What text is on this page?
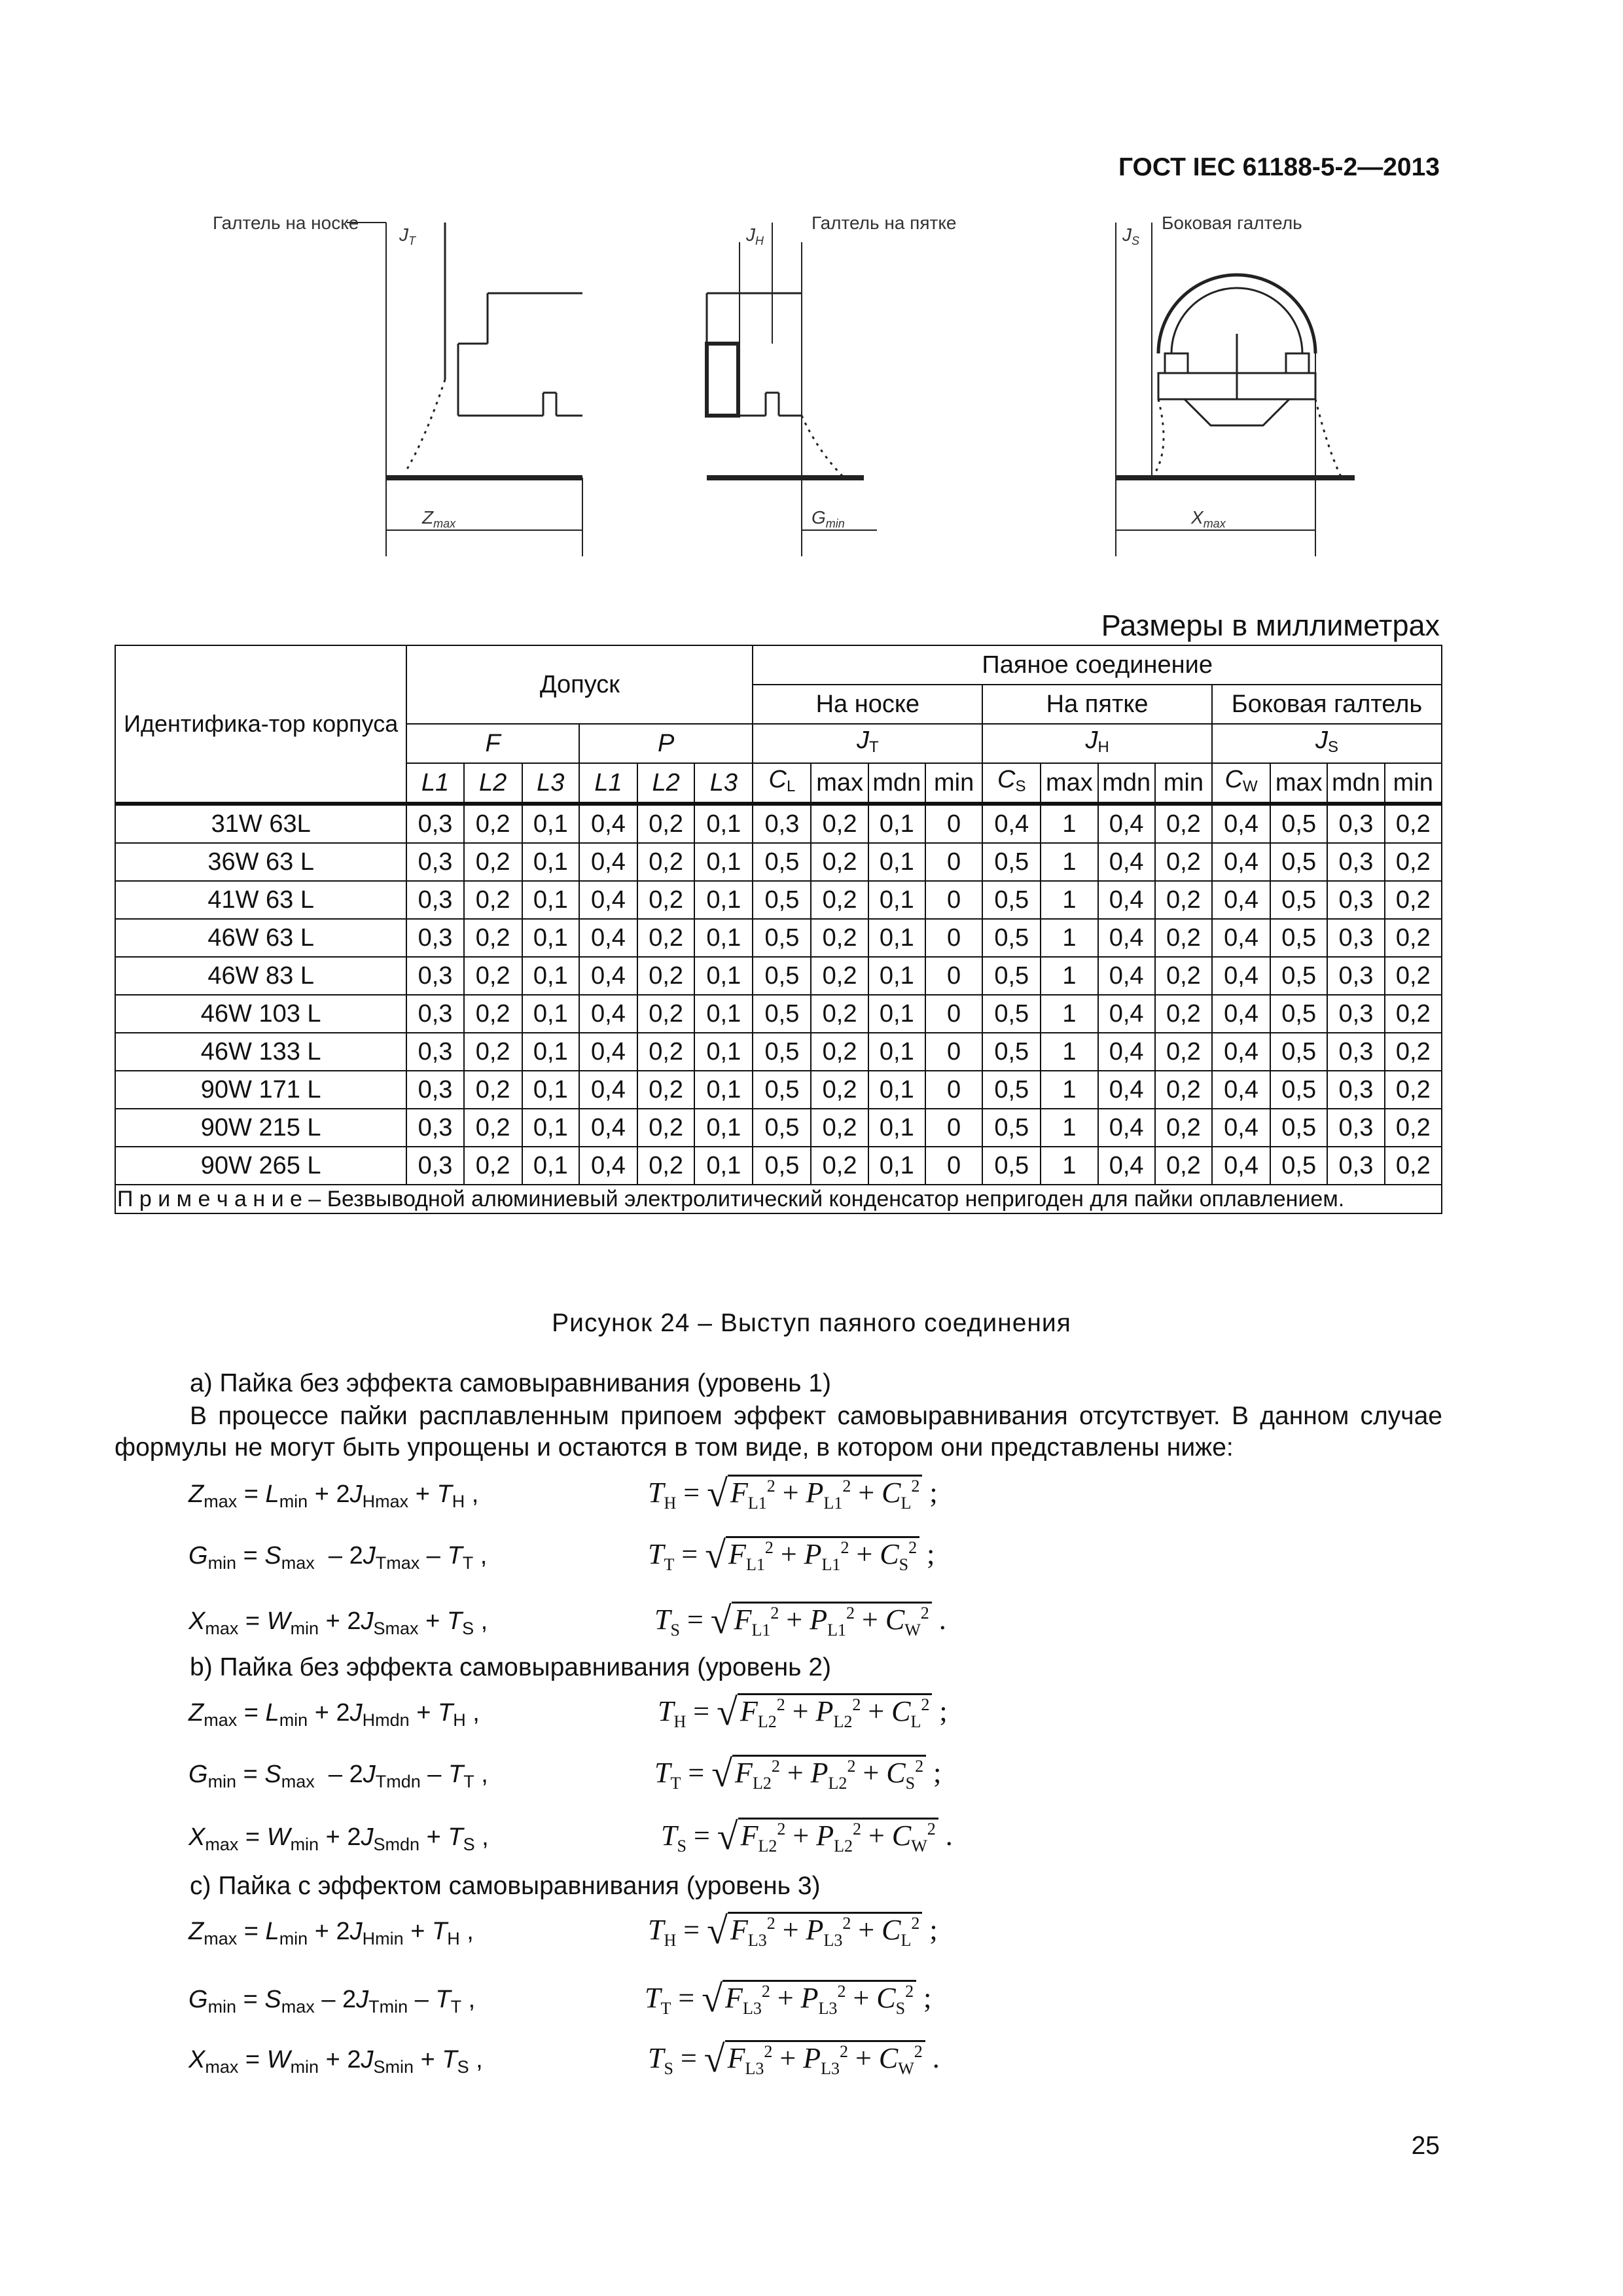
ГОСТ IEC 61188-5-2—2013
Галтель на носке
$J_T$
Галтель на пятке
$J_H$
Боковая галтель
$J_S$
$Z_{max}$	$G_{min}$	$X_{max}$
Размеры в миллиметрах
Идентифика-тор корпуса	Допуск						Паяное соединение											
							На носке				На пятке				Боковая галтель			
	F			P			$J_T$				$J_H$				$J_S$
	L1	L2	L3	L1	L2	L3	$C_L$	max	mdn	min	$C_S$	max	mdn	min	$C_W$	max	mdn	min
31W 63L	0,3	0,2	0,1	0,4	0,2	0,1	0,3	0,2	0,1	0	0,4	1	0,4	0,2	0,4	0,5	0,3	0,2
36W 63 L	0,3	0,2	0,1	0,4	0,2	0,1	0,5	0,2	0,1	0	0,5	1	0,4	0,2	0,4	0,5	0,3	0,2
41W 63 L	0,3	0,2	0,1	0,4	0,2	0,1	0,5	0,2	0,1	0	0,5	1	0,4	0,2	0,4	0,5	0,3	0,2
46W 63 L	0,3	0,2	0,1	0,4	0,2	0,1	0,5	0,2	0,1	0	0,5	1	0,4	0,2	0,4	0,5	0,3	0,2
46W 83 L	0,3	0,2	0,1	0,4	0,2	0,1	0,5	0,2	0,1	0	0,5	1	0,4	0,2	0,4	0,5	0,3	0,2
46W 103 L	0,3	0,2	0,1	0,4	0,2	0,1	0,5	0,2	0,1	0	0,5	1	0,4	0,2	0,4	0,5	0,3	0,2
46W 133 L	0,3	0,2	0,1	0,4	0,2	0,1	0,5	0,2	0,1	0	0,5	1	0,4	0,2	0,4	0,5	0,3	0,2
90W 171 L	0,3	0,2	0,1	0,4	0,2	0,1	0,5	0,2	0,1	0	0,5	1	0,4	0,2	0,4	0,5	0,3	0,2
90W 215 L	0,3	0,2	0,1	0,4	0,2	0,1	0,5	0,2	0,1	0	0,5	1	0,4	0,2	0,4	0,5	0,3	0,2
90W 265 L	0,3	0,2	0,1	0,4	0,2	0,1	0,5	0,2	0,1	0	0,5	1	0,4	0,2	0,4	0,5	0,3	0,2
П р и м е ч а н и е – Безвыводной алюминиевый электролитический конденсатор непригоден для пайки оплавлением.																		
Рисунок 24 – Выступ паяного соединения
a) Пайка без эффекта самовыравнивания (уровень 1)
В процессе пайки расплавленным припоем эффект самовыравнивания отсутствует. В данном случае формулы не могут быть упрощены и остаются в том виде, в котором они представлены ниже:
$Z_{max} = L_{min} + 2J_{Hmax} + T_H$ ,	$T_H = √F_{L1}^2 + P_{L1}^2 + C_L^2$ ;
$G_{min} = S_{max} - 2J_{Tmax} - T_T$ ,	$T_T = √F_{L1}^2 + P_{L1}^2 + C_S^2$ ;
$X_{max} = W_{min} + 2J_{Smax} + T_S$ ,	$T_S = √F_{L1}^2 + P_{L1}^2 + C_W^2$ .
b) Пайка без эффекта самовыравнивания (уровень 2)
$Z_{max} = L_{min} + 2J_{Hmdn} + T_H$ ,	$T_H = √F_{L2}^2 + P_{L2}^2 + C_L^2$ ;
$G_{min} = S_{max} - 2J_{Tmdn} - T_T$ ,	$T_T = √F_{L2}^2 + P_{L2}^2 + C_S^2$ ;
$X_{max} = W_{min} + 2J_{Smdn} + T_S$ ,	$T_S = √F_{L2}^2 + P_{L2}^2 + C_W^2$ .
c) Пайка с эффектом самовыравнивания (уровень 3)
$Z_{max} = L_{min} + 2J_{Hmin} + T_H$ ,	$T_H = √F_{L3}^2 + P_{L3}^2 + C_L^2$ ;
$G_{min} = S_{max} - 2J_{Tmin} - T_T$ ,	$T_T = √F_{L3}^2 + P_{L3}^2 + C_S^2$ ;
$X_{max} = W_{min} + 2J_{Smin} + T_S$ ,	$T_S = √F_{L3}^2 + P_{L3}^2 + C_W^2$ .
25
